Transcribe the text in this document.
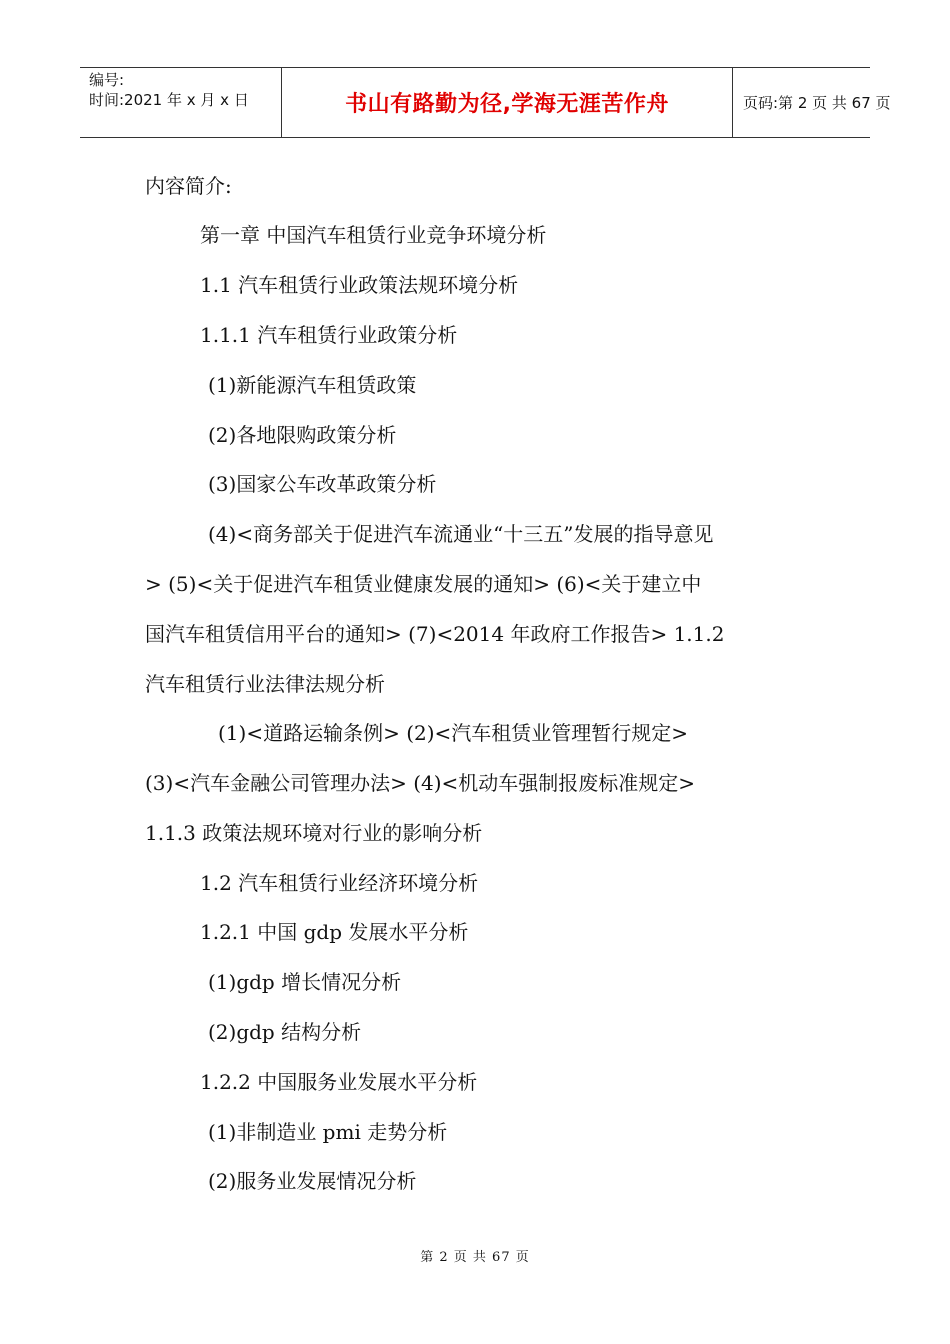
编号:
时间:2021 年 x 月 x 日	书山有路勤为径,学海无涯苦作舟	页码:第 2 页 共 67 页
内容简介:
第一章 中国汽车租赁行业竞争环境分析
1.1 汽车租赁行业政策法规环境分析
1.1.1 汽车租赁行业政策分析
(1)新能源汽车租赁政策
(2)各地限购政策分析
(3)国家公车改革政策分析
(4)<商务部关于促进汽车流通业“十三五”发展的指导意见
> (5)<关于促进汽车租赁业健康发展的通知> (6)<关于建立中
国汽车租赁信用平台的通知> (7)<2014 年政府工作报告> 1.1.2
汽车租赁行业法律法规分析
(1)<道路运输条例> (2)<汽车租赁业管理暂行规定>
(3)<汽车金融公司管理办法> (4)<机动车强制报废标准规定>
1.1.3 政策法规环境对行业的影响分析
1.2 汽车租赁行业经济环境分析
1.2.1 中国 gdp 发展水平分析
(1)gdp 增长情况分析
(2)gdp 结构分析
1.2.2 中国服务业发展水平分析
(1)非制造业 pmi 走势分析
(2)服务业发展情况分析
第 2 页 共 67 页
